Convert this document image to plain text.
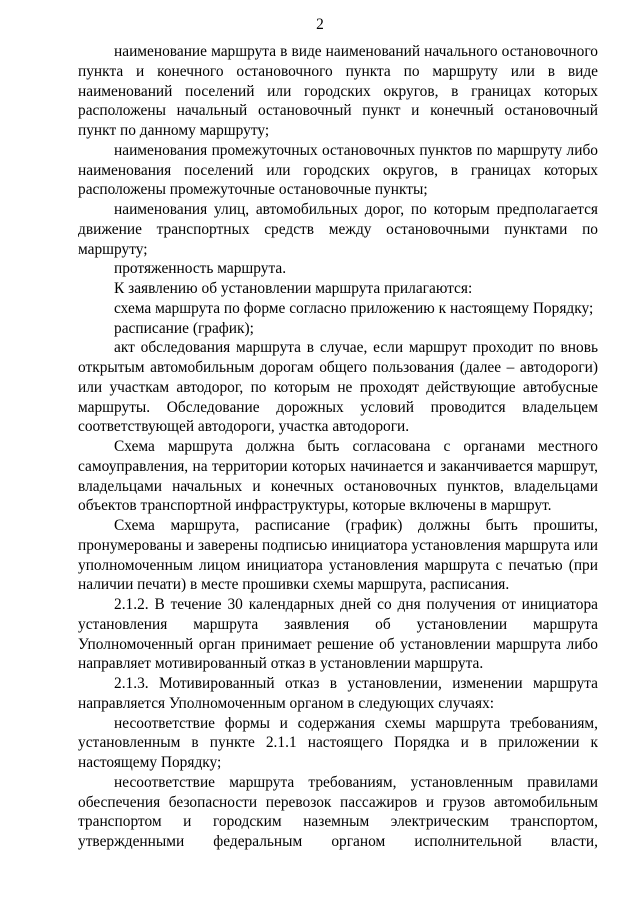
2

наименование маршрута в виде наименований начального остановочного пункта и конечного остановочного пункта по маршруту или в виде наименований поселений или городских округов, в границах которых расположены начальный остановочный пункт и конечный остановочный пункт по данному маршруту;

наименования промежуточных остановочных пунктов по маршруту либо наименования поселений или городских округов, в границах которых расположены промежуточные остановочные пункты;

наименования улиц, автомобильных дорог, по которым предполагается движение транспортных средств между остановочными пунктами по маршруту;

протяженность маршрута.

К заявлению об установлении маршрута прилагаются:

схема маршрута по форме согласно приложению к настоящему Порядку;

расписание (график);

акт обследования маршрута в случае, если маршрут проходит по вновь открытым автомобильным дорогам общего пользования (далее – автодороги) или участкам автодорог, по которым не проходят действующие автобусные маршруты. Обследование дорожных условий проводится владельцем соответствующей автодороги, участка автодороги.

Схема маршрута должна быть согласована с органами местного самоуправления, на территории которых начинается и заканчивается маршрут, владельцами начальных и конечных остановочных пунктов, владельцами объектов транспортной инфраструктуры, которые включены в маршрут.

Схема маршрута, расписание (график) должны быть прошиты, пронумерованы и заверены подписью инициатора установления маршрута или уполномоченным лицом инициатора установления маршрута с печатью (при наличии печати) в месте прошивки схемы маршрута, расписания.

2.1.2. В течение 30 календарных дней со дня получения от инициатора установления маршрута заявления об установлении маршрута Уполномоченный орган принимает решение об установлении маршрута либо направляет мотивированный отказ в установлении маршрута.

2.1.3. Мотивированный отказ в установлении, изменении маршрута направляется Уполномоченным органом в следующих случаях:

несоответствие формы и содержания схемы маршрута требованиям, установленным в пункте 2.1.1 настоящего Порядка и в приложении к настоящему Порядку;

несоответствие маршрута требованиям, установленным правилами обеспечения безопасности перевозок пассажиров и грузов автомобильным транспортом и городским наземным электрическим транспортом, утвержденными федеральным органом исполнительной власти,
